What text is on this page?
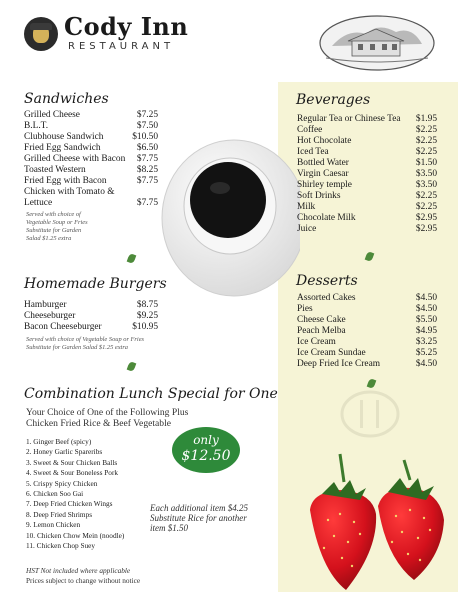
Cody Inn
RESTAURANT
Sandwiches
Grilled Cheese	$7.25
B.L.T.	$7.50
Clubhouse Sandwich	$10.50
Fried Egg Sandwich	$6.50
Grilled Cheese with Bacon	$7.75
Toasted Western	$8.25
Fried Egg with Bacon	$7.75
Chicken with Tomato &
Lettuce	$7.75
Served with choice of
Vegetable Soup or Fries
Substitute for Garden
Salad $1.25 extra
Homemade Burgers
Hamburger	$8.75
Cheeseburger	$9.25
Bacon Cheeseburger	$10.95
Served with choice of Vegetable Soup or Fries
Substitute for Garden Salad $1.25 extra
Combination Lunch Special for One
Your Choice of One of the Following Plus
Chicken Fried Rice & Beef Vegetable
1. Ginger Beef (spicy)
2. Honey Garlic Spareribs
3. Sweet & Sour Chicken Balls
4. Sweet & Sour Boneless Pork
5. Crispy Spicy Chicken
6. Chicken Soo Gai
7. Deep Fried Chicken Wings
8. Deep Fried Shrimps
9. Lemon Chicken
10. Chicken Chow Mein (noodle)
11. Chicken Chop Suey
only
$12.50
Each additional item $4.25
Substitute Rice for another
item $1.50
HST Not included where applicable
Prices subject to change without notice
Beverages
Regular Tea or Chinese Tea	$1.95
Coffee	$2.25
Hot Chocolate	$2.25
Iced Tea	$2.25
Bottled Water	$1.50
Virgin Caesar	$3.50
Shirley temple	$3.50
Soft Drinks	$2.25
Milk	$2.25
Chocolate Milk	$2.95
Juice	$2.95
Desserts
Assorted Cakes	$4.50
Pies	$4.50
Cheese Cake	$5.50
Peach Melba	$4.95
Ice Cream	$3.25
Ice Cream Sundae	$5.25
Deep Fried Ice Cream	$4.50
